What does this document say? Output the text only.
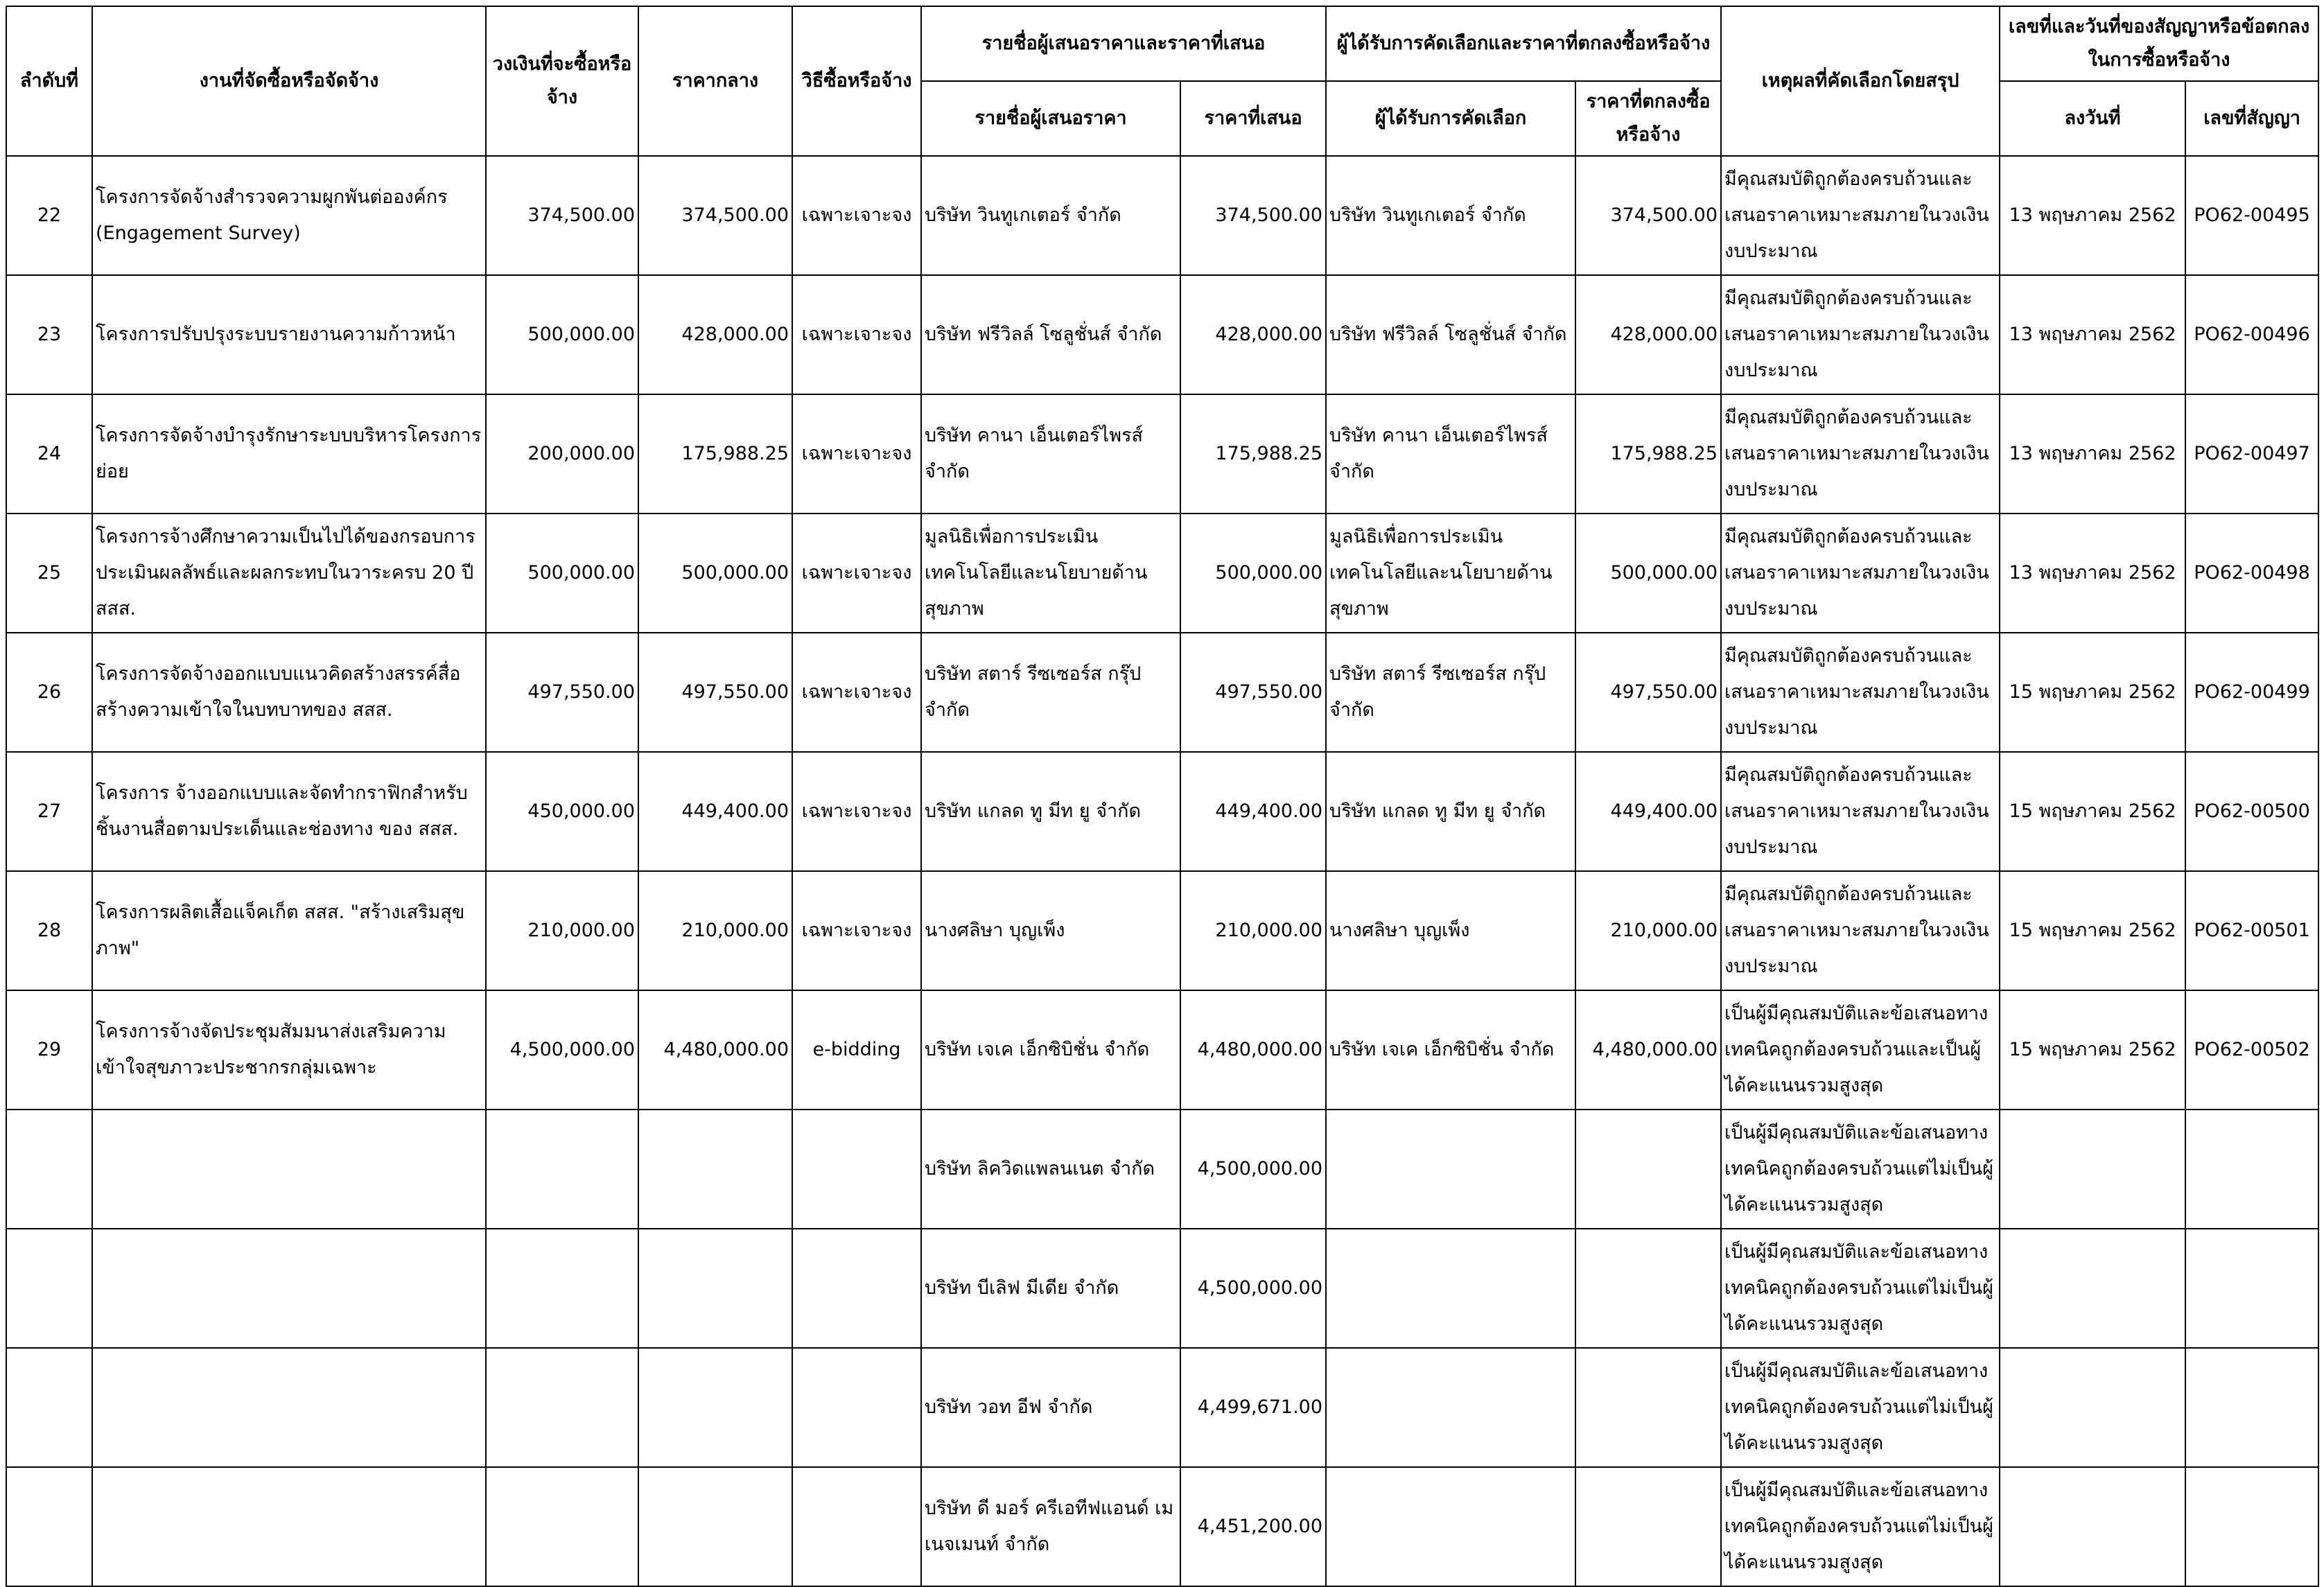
ลำดับที่	งานที่จัดซื้อหรือจัดจ้าง	วงเงินที่จะซื้อหรือจ้าง	ราคากลาง	วิธีซื้อหรือจ้าง	รายชื่อผู้เสนอราคาและราคาที่เสนอ		ผู้ได้รับการคัดเลือกและราคาที่ตกลงซื้อหรือจ้าง		เหตุผลที่คัดเลือกโดยสรุป	เลขที่และวันที่ของสัญญาหรือข้อตกลงในการซื้อหรือจ้าง	
					รายชื่อผู้เสนอราคา	ราคาที่เสนอ	ผู้ได้รับการคัดเลือก	ราคาที่ตกลงซื้อหรือจ้าง		ลงวันที่	เลขที่สัญญา
22	โครงการจัดจ้างสำรวจความผูกพันต่อองค์กร (Engagement Survey)	374,500.00	374,500.00	เฉพาะเจาะจง	บริษัท วินทูเกเตอร์ จำกัด	374,500.00	บริษัท วินทูเกเตอร์ จำกัด	374,500.00	มีคุณสมบัติถูกต้องครบถ้วนและเสนอราคาเหมาะสมภายในวงเงินงบประมาณ	13 พฤษภาคม 2562	PO62-00495
23	โครงการปรับปรุงระบบรายงานความก้าวหน้า	500,000.00	428,000.00	เฉพาะเจาะจง	บริษัท ฟรีวิลล์ โซลูชั่นส์ จำกัด	428,000.00	บริษัท ฟรีวิลล์ โซลูชั่นส์ จำกัด	428,000.00	มีคุณสมบัติถูกต้องครบถ้วนและเสนอราคาเหมาะสมภายในวงเงินงบประมาณ	13 พฤษภาคม 2562	PO62-00496
24	โครงการจัดจ้างบำรุงรักษาระบบบริหารโครงการย่อย	200,000.00	175,988.25	เฉพาะเจาะจง	บริษัท คานา เอ็นเตอร์ไพรส์ จำกัด	175,988.25	บริษัท คานา เอ็นเตอร์ไพรส์ จำกัด	175,988.25	มีคุณสมบัติถูกต้องครบถ้วนและเสนอราคาเหมาะสมภายในวงเงินงบประมาณ	13 พฤษภาคม 2562	PO62-00497
25	โครงการจ้างศึกษาความเป็นไปได้ของกรอบการประเมินผลลัพธ์และผลกระทบในวาระครบ 20 ปี สสส.	500,000.00	500,000.00	เฉพาะเจาะจง	มูลนิธิเพื่อการประเมินเทคโนโลยีและนโยบายด้านสุขภาพ	500,000.00	มูลนิธิเพื่อการประเมินเทคโนโลยีและนโยบายด้านสุขภาพ	500,000.00	มีคุณสมบัติถูกต้องครบถ้วนและเสนอราคาเหมาะสมภายในวงเงินงบประมาณ	13 พฤษภาคม 2562	PO62-00498
26	โครงการจัดจ้างออกแบบแนวคิดสร้างสรรค์สื่อสร้างความเข้าใจในบทบาทของ สสส.	497,550.00	497,550.00	เฉพาะเจาะจง	บริษัท สตาร์ รีซเซอร์ส กรุ๊ป จำกัด	497,550.00	บริษัท สตาร์ รีซเซอร์ส กรุ๊ป จำกัด	497,550.00	มีคุณสมบัติถูกต้องครบถ้วนและเสนอราคาเหมาะสมภายในวงเงินงบประมาณ	15 พฤษภาคม 2562	PO62-00499
27	โครงการ จ้างออกแบบและจัดทำกราฟิกสำหรับชิ้นงานสื่อตามประเด็นและช่องทาง ของ สสส.	450,000.00	449,400.00	เฉพาะเจาะจง	บริษัท แกลด ทู มีท ยู จำกัด	449,400.00	บริษัท แกลด ทู มีท ยู จำกัด	449,400.00	มีคุณสมบัติถูกต้องครบถ้วนและเสนอราคาเหมาะสมภายในวงเงินงบประมาณ	15 พฤษภาคม 2562	PO62-00500
28	โครงการผลิตเสื้อแจ็คเก็ต สสส. "สร้างเสริมสุขภาพ"	210,000.00	210,000.00	เฉพาะเจาะจง	นางศลิษา บุญเพ็ง	210,000.00	นางศลิษา บุญเพ็ง	210,000.00	มีคุณสมบัติถูกต้องครบถ้วนและเสนอราคาเหมาะสมภายในวงเงินงบประมาณ	15 พฤษภาคม 2562	PO62-00501
29	โครงการจ้างจัดประชุมสัมมนาส่งเสริมความเข้าใจสุขภาวะประชากรกลุ่มเฉพาะ	4,500,000.00	4,480,000.00	e-bidding	บริษัท เจเค เอ็กซิบิชั่น จำกัด	4,480,000.00	บริษัท เจเค เอ็กซิบิชั่น จำกัด	4,480,000.00	เป็นผู้มีคุณสมบัติและข้อเสนอทางเทคนิคถูกต้องครบถ้วนและเป็นผู้ได้คะแนนรวมสูงสุด	15 พฤษภาคม 2562	PO62-00502
					บริษัท ลิควิดแพลนเนต จำกัด	4,500,000.00			เป็นผู้มีคุณสมบัติและข้อเสนอทางเทคนิคถูกต้องครบถ้วนแต่ไม่เป็นผู้ได้คะแนนรวมสูงสุด		
					บริษัท บีเลิฟ มีเดีย จำกัด	4,500,000.00			เป็นผู้มีคุณสมบัติและข้อเสนอทางเทคนิคถูกต้องครบถ้วนแต่ไม่เป็นผู้ได้คะแนนรวมสูงสุด		
					บริษัท วอท อีฟ จำกัด	4,499,671.00			เป็นผู้มีคุณสมบัติและข้อเสนอทางเทคนิคถูกต้องครบถ้วนแต่ไม่เป็นผู้ได้คะแนนรวมสูงสุด		
					บริษัท ดี มอร์ ครีเอทีฟแอนด์ เมเนจเมนท์ จำกัด	4,451,200.00			เป็นผู้มีคุณสมบัติและข้อเสนอทางเทคนิคถูกต้องครบถ้วนแต่ไม่เป็นผู้ได้คะแนนรวมสูงสุด		
